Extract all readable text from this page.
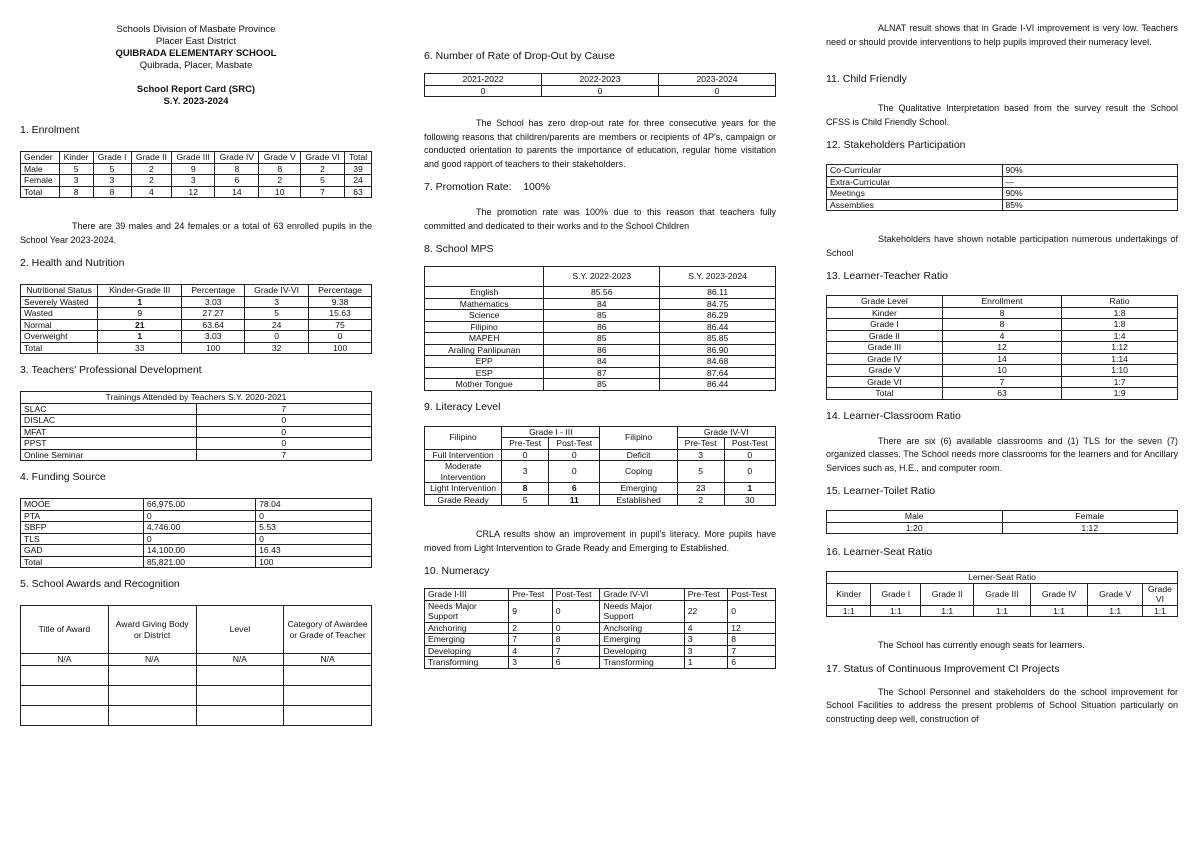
Schools Division of Masbate Province
Placer East District
QUIBRADA ELEMENTARY SCHOOL
Quibrada, Placer, Masbate
School Report Card (SRC)
S.Y. 2023-2024
1. Enrolment
Gender	Kinder	Grade I	Grade II	Grade III	Grade IV	Grade V	Grade VI	Total
Male	5	5	2	9	8	8	2	39
Female	3	3	2	3	6	2	5	24
Total	8	8	4	12	14	10	7	63

There are 39 males and 24 females or a total of 63 enrolled pupils in the School Year 2023-2024.

2. Health and Nutrition
Nutritional Status	Kinder-Grade III	Percentage	Grade IV-VI	Percentage
Severely Wasted	1	3.03	3	9.38
Wasted	9	27.27	5	15.63
Normal	21	63.64	24	75
Overweight	1	3.03	0	0
Total	33	100	32	100
3. Teachers' Professional Development
Trainings Attended by Teachers S.Y. 2020-2021	
SLAC	7
DISLAC	0
MFAT	0
PPST	0
Online Seminar	7
4. Funding Source
MOOE	66,975.00	78.04
PTA	0	0
SBFP	4,746.00	5.53
TLS	0	0
GAD	14,100.00	16.43
Total	85,821.00	100
5. School Awards and Recognition
Title of Award	Award Giving Body or District	Level	Category of Awardee or Grade of Teacher
N/A	N/A	N/A	N/A

6. Number of Rate of Drop-Out by Cause
2021-2022	2022-2023	2023-2024
0	0	0

The School has zero drop-out rate for three consecutive years for the following reasons that children/parents are members or recipients of 4P's, campaign or conducted orientation to parents the importance of education, regular home visitation and good rapport of teachers to their stakeholders.

7. Promotion Rate: 100%

The promotion rate was 100% due to this reason that teachers fully committed and dedicated to their works and to the School Children

8. School MPS
	S.Y. 2022-2023	S.Y. 2023-2024
English	85.56	86.11
Mathematics	84	84.75
Science	85	86.29
Filipino	86	86.44
MAPEH	85	85.85
Araling Panlipunan	86	86.90
EPP	84	84.68
ESP	87	87.64
Mother Tongue	85	86.44
9. Literacy Level
Filipino	Grade I - III		Filipino	Grade IV-VI	
	Pre-Test	Post-Test		Pre-Test	Post-Test
Full Intervention	0	0	Deficit	3	0
Moderate Intervention	3	0	Coping	5	0
Light Intervention	8	6	Emerging	23	1
Grade Ready	5	11	Established	2	30

CRLA results show an improvement in pupil's literacy. More pupils have moved from Light Intervention to Grade Ready and Emerging to Established.

10. Numeracy
Grade I-III	Pre-Test	Post-Test	Grade IV-VI	Pre-Test	Post-Test
Needs Major Support	9	0	Needs Major Support	22	0
Anchoring	2	0	Anchoring	4	12
Emerging	7	8	Emerging	3	8
Developing	4	7	Developing	3	7
Transforming	3	6	Transforming	1	6

ALNAT result shows that in Grade I-VI improvement is very low. Teachers need or should provide interventions to help pupils improved their numeracy level.

11. Child Friendly

The Qualitative Interpretation based from the survey result the School CFSS is Child Friendly School.

12. Stakeholders Participation
Co-Curricular	90%
Extra-Curricular	—
Meetings	90%
Assemblies	85%

Stakeholders have shown notable participation numerous undertakings of School

13. Learner-Teacher Ratio
Grade Level	Enrollment	Ratio
Kinder	8	1:8
Grade I	8	1:8
Grade II	4	1:4
Grade III	12	1:12
Grade IV	14	1:14
Grade V	10	1:10
Grade VI	7	1:7
Total	63	1:9
14. Learner-Classroom Ratio

There are six (6) available classrooms and (1) TLS for the seven (7) organized classes. The School needs more classrooms for the learners and for Ancillary Services such as, H.E., and computer room.

15. Learner-Toilet Ratio
Male	Female
1:20	1:12
16. Learner-Seat Ratio
Lerner-Seat Ratio						
Kinder	Grade I	Grade II	Grade III	Grade IV	Grade V	Grade VI
1:1	1:1	1:1	1:1	1:1	1:1	1:1

The School has currently enough seats for learners.

17. Status of Continuous Improvement CI Projects

The School Personnel and stakeholders do the school improvement for School Facilities to address the present problems of School Situation particularly on constructing deep well, construction of
